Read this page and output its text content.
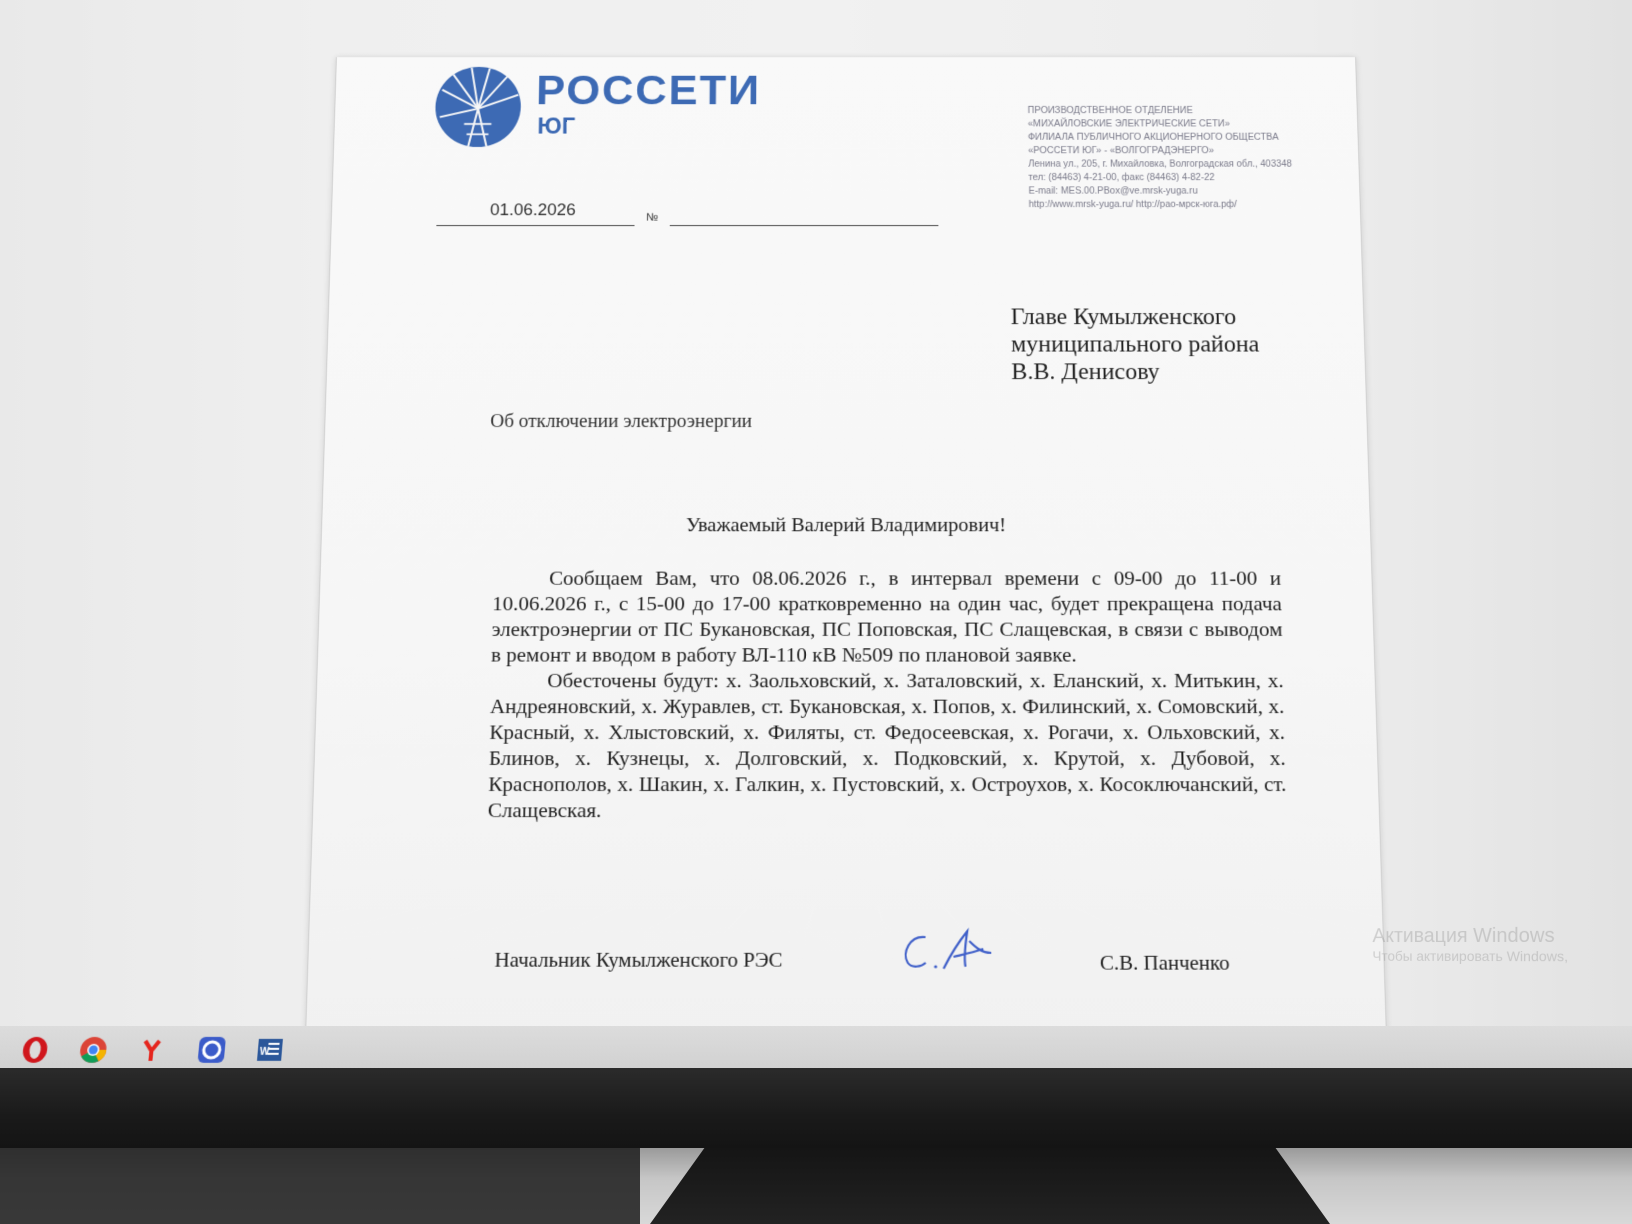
РОССЕТИ
ЮГ
ПРОИЗВОДСТВЕННОЕ ОТДЕЛЕНИЕ
«МИХАЙЛОВСКИЕ ЭЛЕКТРИЧЕСКИЕ СЕТИ»
ФИЛИАЛА ПУБЛИЧНОГО АКЦИОНЕРНОГО ОБЩЕСТВА
«РОССЕТИ ЮГ» - «ВОЛГОГРАДЭНЕРГО»
Ленина ул., 205, г. Михайловка, Волгоградская обл., 403348
тел: (84463) 4-21-00, факс (84463) 4-82-22
E-mail: MES.00.PBox@ve.mrsk-yuga.ru
http://www.mrsk-yuga.ru/ http://рао-мрск-юга.рф/
01.06.2026	№
Главе Кумылженского
муниципального района
В.В. Денисову
Об отключении электроэнергии
Уважаемый Валерий Владимирович!

Сообщаем Вам, что 08.06.2026 г., в интервал времени с 09-00 до 11-00 и 10.06.2026 г., с 15-00 до 17-00 кратковременно на один час, будет прекращена подача электроэнергии от ПС Букановская, ПС Поповская, ПС Слащевская, в связи с выводом в ремонт и вводом в работу ВЛ-110 кВ №509 по плановой заявке.

Обесточены будут: х. Заольховский, х. Заталовский, х. Еланский, х. Митькин, х. Андреяновский, х. Журавлев, ст. Букановская, х. Попов, х. Филинский, х. Сомовский, х. Красный, х. Хлыстовский, х. Филяты, ст. Федосеевская, х. Рогачи, х. Ольховский, х. Блинов, х. Кузнецы, х. Долговский, х. Подковский, х. Крутой, х. Дубовой, х. Краснополов, х. Шакин, х. Галкин, х. Пустовский, х. Остроухов, х. Косоключанский, ст. Слащевская.

Начальник Кумылженского РЭС	С.В. Панченко
Активация Windows
Чтобы активировать Windows,
W
